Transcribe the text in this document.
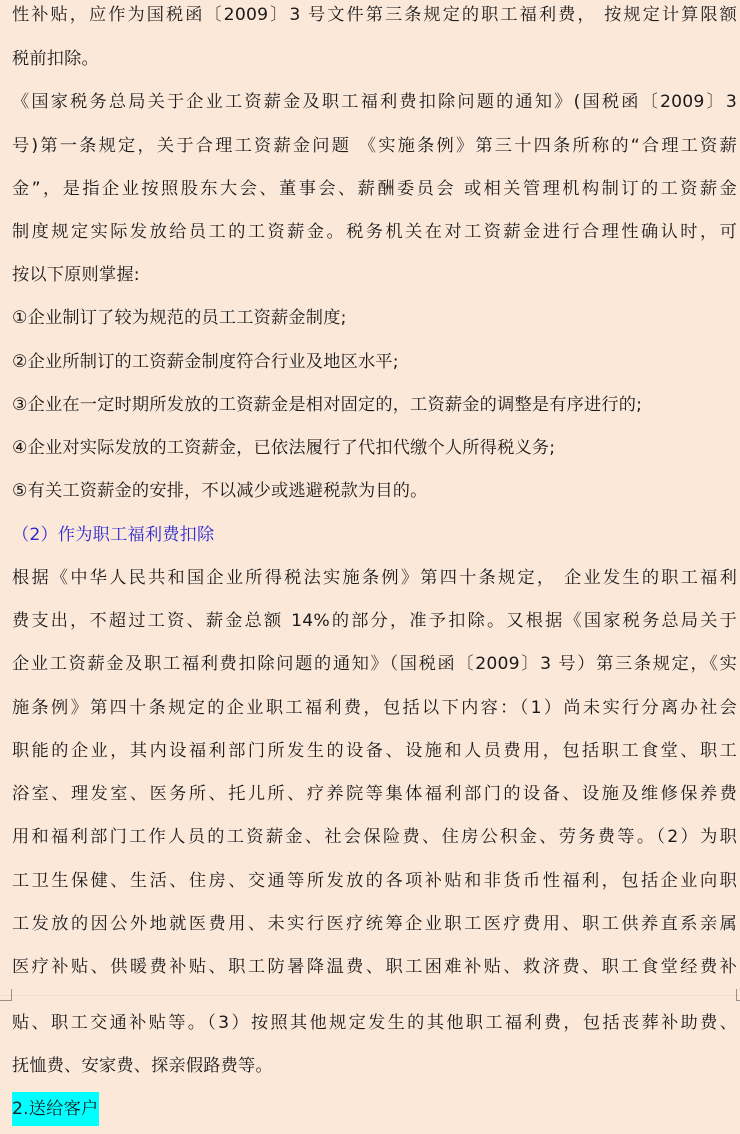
性补贴，应作为国税函〔2009〕3 号文件第三条规定的职工福利费， 按规定计算限额
税前扣除。
《国家税务总局关于企业工资薪金及职工福利费扣除问题的通知》(国税函〔2009〕3
号)第一条规定，关于合理工资薪金问题 《实施条例》第三十四条所称的“合理工资薪
金”，是指企业按照股东大会、董事会、薪酬委员会 或相关管理机构制订的工资薪金
制度规定实际发放给员工的工资薪金。税务机关在对工资薪金进行合理性确认时，可
按以下原则掌握:
①企业制订了较为规范的员工工资薪金制度;
②企业所制订的工资薪金制度符合行业及地区水平;
③企业在一定时期所发放的工资薪金是相对固定的，工资薪金的调整是有序进行的;
④企业对实际发放的工资薪金，已依法履行了代扣代缴个人所得税义务;
⑤有关工资薪金的安排，不以减少或逃避税款为目的。
（2）作为职工福利费扣除
根据《中华人民共和国企业所得税法实施条例》第四十条规定， 企业发生的职工福利
费支出，不超过工资、薪金总额 14%的部分，准予扣除。又根据《国家税务总局关于
企业工资薪金及职工福利费扣除问题的通知》（国税函〔2009〕3 号）第三条规定，《实
施条例》第四十条规定的企业职工福利费，包括以下内容：（1）尚未实行分离办社会
职能的企业，其内设福利部门所发生的设备、设施和人员费用，包括职工食堂、职工
浴室、理发室、医务所、托儿所、疗养院等集体福利部门的设备、设施及维修保养费
用和福利部门工作人员的工资薪金、社会保险费、住房公积金、劳务费等。（2）为职
工卫生保健、生活、住房、交通等所发放的各项补贴和非货币性福利，包括企业向职
工发放的因公外地就医费用、未实行医疗统筹企业职工医疗费用、职工供养直系亲属
医疗补贴、供暖费补贴、职工防暑降温费、职工困难补贴、救济费、职工食堂经费补
贴、职工交通补贴等。（3）按照其他规定发生的其他职工福利费，包括丧葬补助费、
抚恤费、安家费、探亲假路费等。
2.送给客户
